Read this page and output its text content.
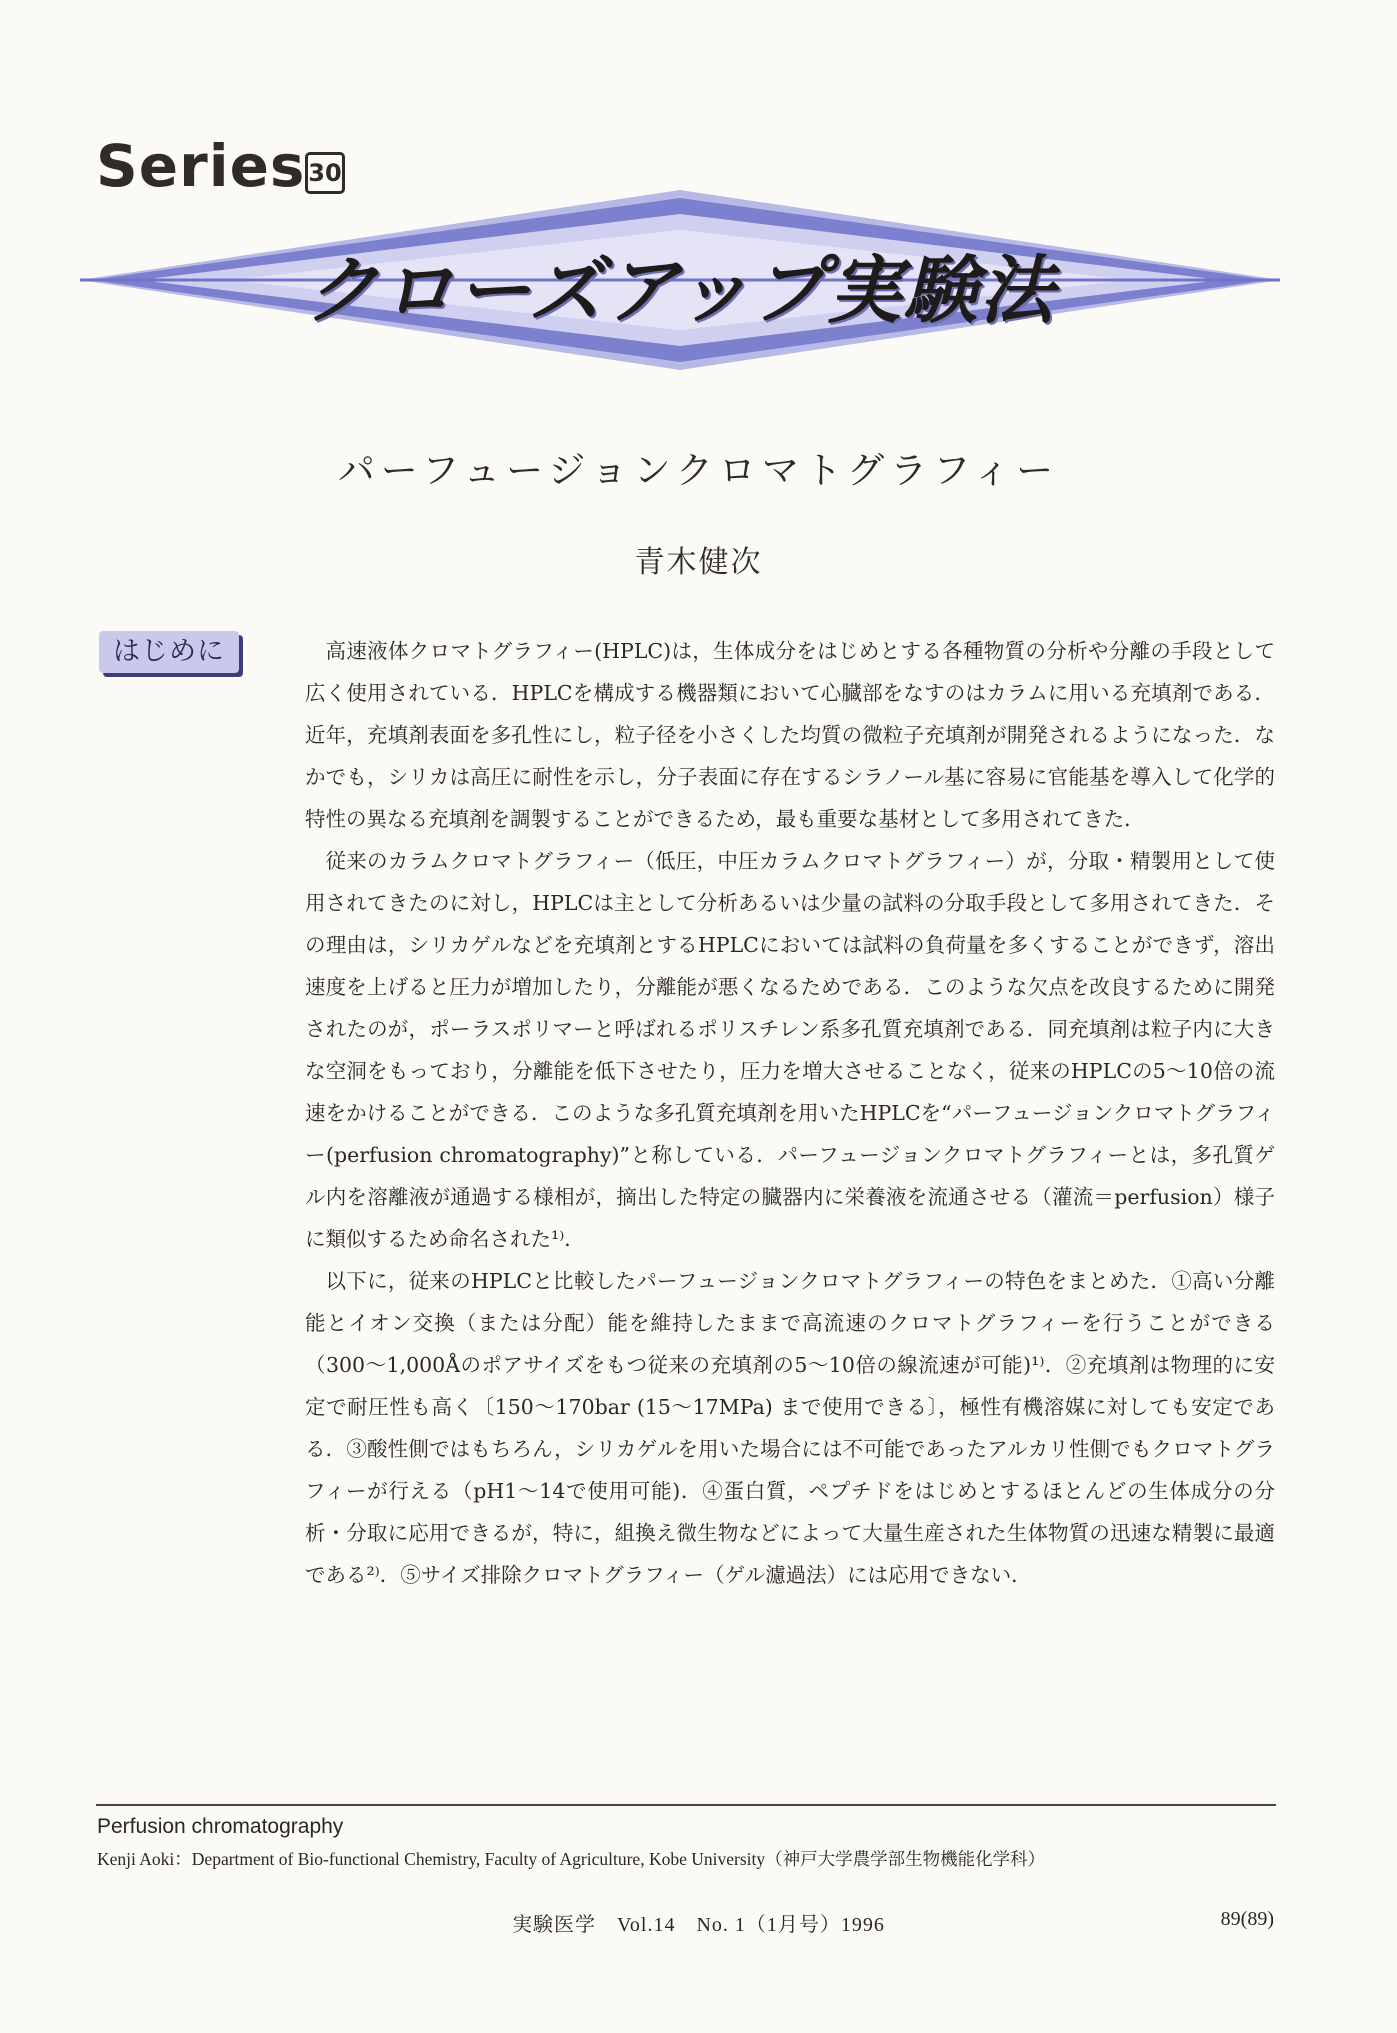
Series 30
クローズアップ実験法
パーフュージョンクロマトグラフィー
青木健次
はじめに	高速液体クロマトグラフィー(HPLC)は，生体成分をはじめとする各種物質の分析や分離の手段として広く使用されている．HPLCを構成する機器類において心臓部をなすのはカラムに用いる充填剤である．近年，充填剤表面を多孔性にし，粒子径を小さくした均質の微粒子充填剤が開発されるようになった．なかでも，シリカは高圧に耐性を示し，分子表面に存在するシラノール基に容易に官能基を導入して化学的特性の異なる充填剤を調製することができるため，最も重要な基材として多用されてきた．

従来のカラムクロマトグラフィー（低圧，中圧カラムクロマトグラフィー）が，分取・精製用として使用されてきたのに対し，HPLCは主として分析あるいは少量の試料の分取手段として多用されてきた．その理由は，シリカゲルなどを充填剤とするHPLCにおいては試料の負荷量を多くすることができず，溶出速度を上げると圧力が増加したり，分離能が悪くなるためである．このような欠点を改良するために開発されたのが，ポーラスポリマーと呼ばれるポリスチレン系多孔質充填剤である．同充填剤は粒子内に大きな空洞をもっており，分離能を低下させたり，圧力を増大させることなく，従来のHPLCの5～10倍の流速をかけることができる．このような多孔質充填剤を用いたHPLCを“パーフュージョンクロマトグラフィー(perfusion chromatography)”と称している．パーフュージョンクロマトグラフィーとは，多孔質ゲル内を溶離液が通過する様相が，摘出した特定の臓器内に栄養液を流通させる（灌流＝perfusion）様子に類似するため命名された¹⁾．

以下に，従来のHPLCと比較したパーフュージョンクロマトグラフィーの特色をまとめた．①高い分離能とイオン交換（または分配）能を維持したままで高流速のクロマトグラフィーを行うことができる（300～1,000Åのポアサイズをもつ従来の充填剤の5～10倍の線流速が可能)¹⁾．②充填剤は物理的に安定で耐圧性も高く〔150～170bar (15～17MPa) まで使用できる〕，極性有機溶媒に対しても安定である．③酸性側ではもちろん，シリカゲルを用いた場合には不可能であったアルカリ性側でもクロマトグラフィーが行える（pH1～14で使用可能)．④蛋白質，ペプチドをはじめとするほとんどの生体成分の分析・分取に応用できるが，特に，組換え微生物などによって大量生産された生体物質の迅速な精製に最適である²⁾．⑤サイズ排除クロマトグラフィー（ゲル濾過法）には応用できない．

Perfusion chromatography
Kenji Aoki：Department of Bio-functional Chemistry, Faculty of Agriculture, Kobe University（神戸大学農学部生物機能化学科）
実験医学　Vol.14　No. 1（1月号）1996	89(89)
